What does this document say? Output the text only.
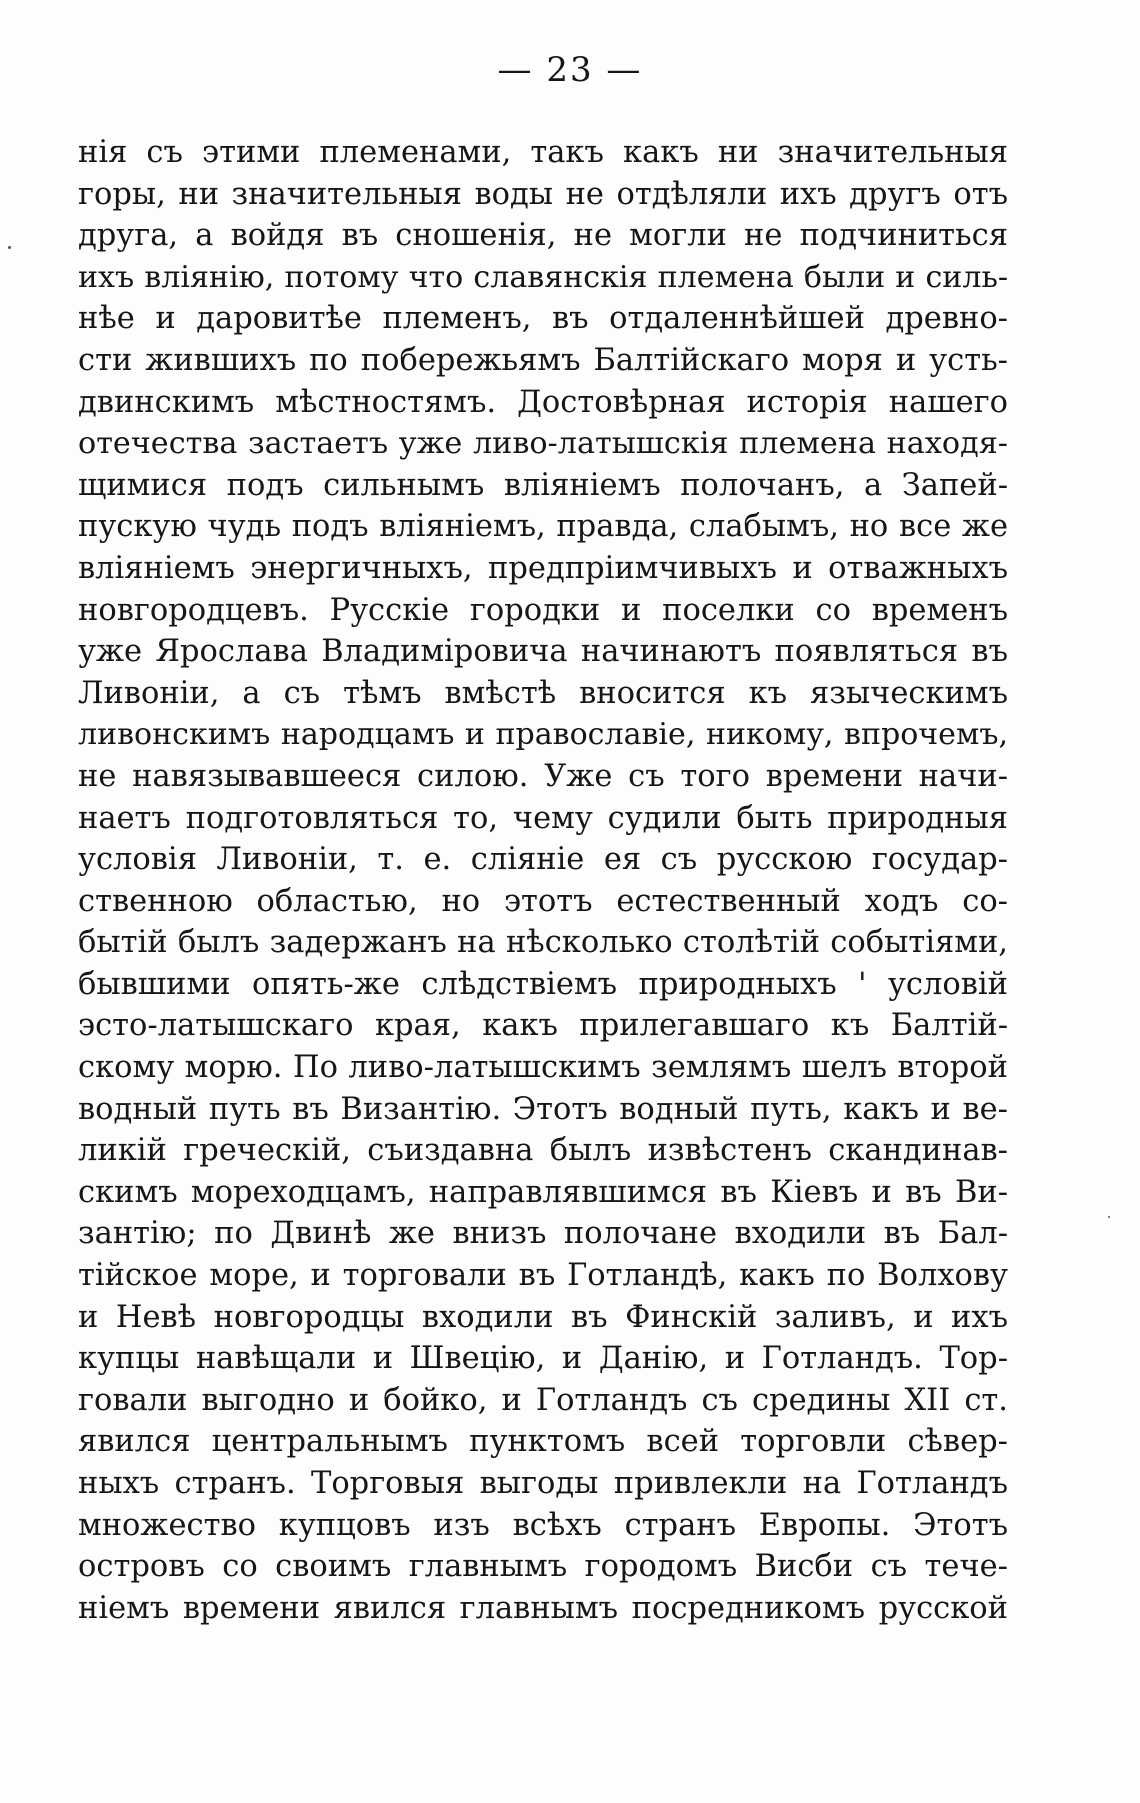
— 23 —
нія съ этими племенами, такъ какъ ни значительныя
горы, ни значительныя воды не отдѣляли ихъ другъ отъ
друга, а войдя въ сношенія, не могли не подчиниться
ихъ вліянію, потому что славянскія племена были и силь-
нѣе и даровитѣе племенъ, въ отдаленнѣйшей древно-
сти жившихъ по побережьямъ Балтійскаго моря и усть-
двинскимъ мѣстностямъ. Достовѣрная исторія нашего
отечества застаетъ уже ливо-латышскія племена находя-
щимися подъ сильнымъ вліяніемъ полочанъ, а Запей-
пускую чудь подъ вліяніемъ, правда, слабымъ, но все же
вліяніемъ энергичныхъ, предпріимчивыхъ и отважныхъ
новгородцевъ. Русскіе городки и поселки со временъ
уже Ярослава Владиміровича начинаютъ появляться въ
Ливоніи, а съ тѣмъ вмѣстѣ вносится къ языческимъ
ливонскимъ народцамъ и православіе, никому, впрочемъ,
не навязывавшееся силою. Уже съ того времени начи-
наетъ подготовляться то, чему судили быть природныя
условія Ливоніи, т. е. сліяніе ея съ русскою государ-
ственною областью, но этотъ естественный ходъ со-
бытій былъ задержанъ на нѣсколько столѣтій событіями,
бывшими опять-же слѣдствіемъ природныхъ ' условій
эсто-латышскаго края, какъ прилегавшаго къ Балтій-
скому морю. По ливо-латышскимъ землямъ шелъ второй
водный путь въ Византію. Этотъ водный путь, какъ и ве-
ликій греческій, съиздавна былъ извѣстенъ скандинав-
скимъ мореходцамъ, направлявшимся въ Кіевъ и въ Ви-
зантію; по Двинѣ же внизъ полочане входили въ Бал-
тійское море, и торговали въ Готландѣ, какъ по Волхову
и Невѣ новгородцы входили въ Финскій заливъ, и ихъ
купцы навѣщали и Швецію, и Данію, и Готландъ. Тор-
говали выгодно и бойко, и Готландъ съ средины XII ст.
явился центральнымъ пунктомъ всей торговли сѣвер-
ныхъ странъ. Торговыя выгоды привлекли на Готландъ
множество купцовъ изъ всѣхъ странъ Европы. Этотъ
островъ со своимъ главнымъ городомъ Висби съ тече-
ніемъ времени явился главнымъ посредникомъ русской
